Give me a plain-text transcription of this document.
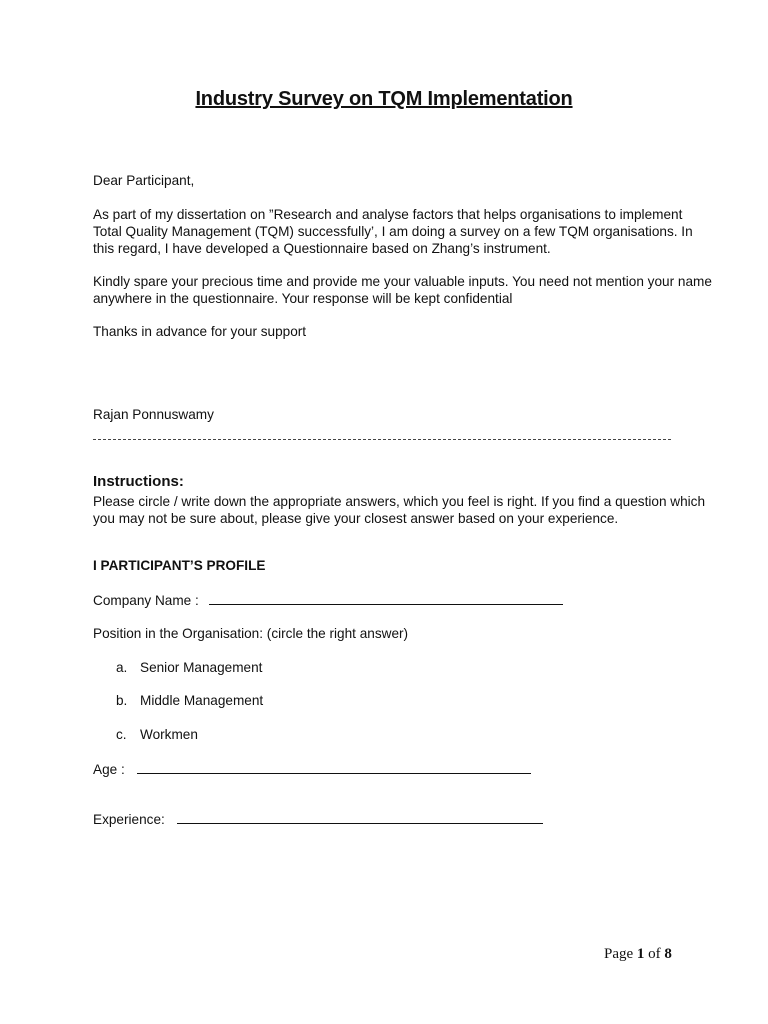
Industry Survey on TQM Implementation
Dear Participant,
As part of my dissertation on ”Research and analyse factors that helps organisations to implement
Total Quality Management (TQM) successfully’, I am doing a survey on a few TQM organisations. In
this regard, I have developed a Questionnaire based on Zhang’s instrument.
Kindly spare your precious time and provide me your valuable inputs. You need not mention your name
anywhere in the questionnaire. Your response will be kept confidential
Thanks in advance for your support
Rajan Ponnuswamy
Instructions:
Please circle / write down the appropriate answers, which you feel is right. If you find a question which
you may not be sure about, please give your closest answer based on your experience.
I PARTICIPANT’S PROFILE
Company Name :
Position in the Organisation: (circle the right answer)
a. Senior Management
b. Middle Management
c. Workmen
Age :
Experience:
Page 1 of 8
